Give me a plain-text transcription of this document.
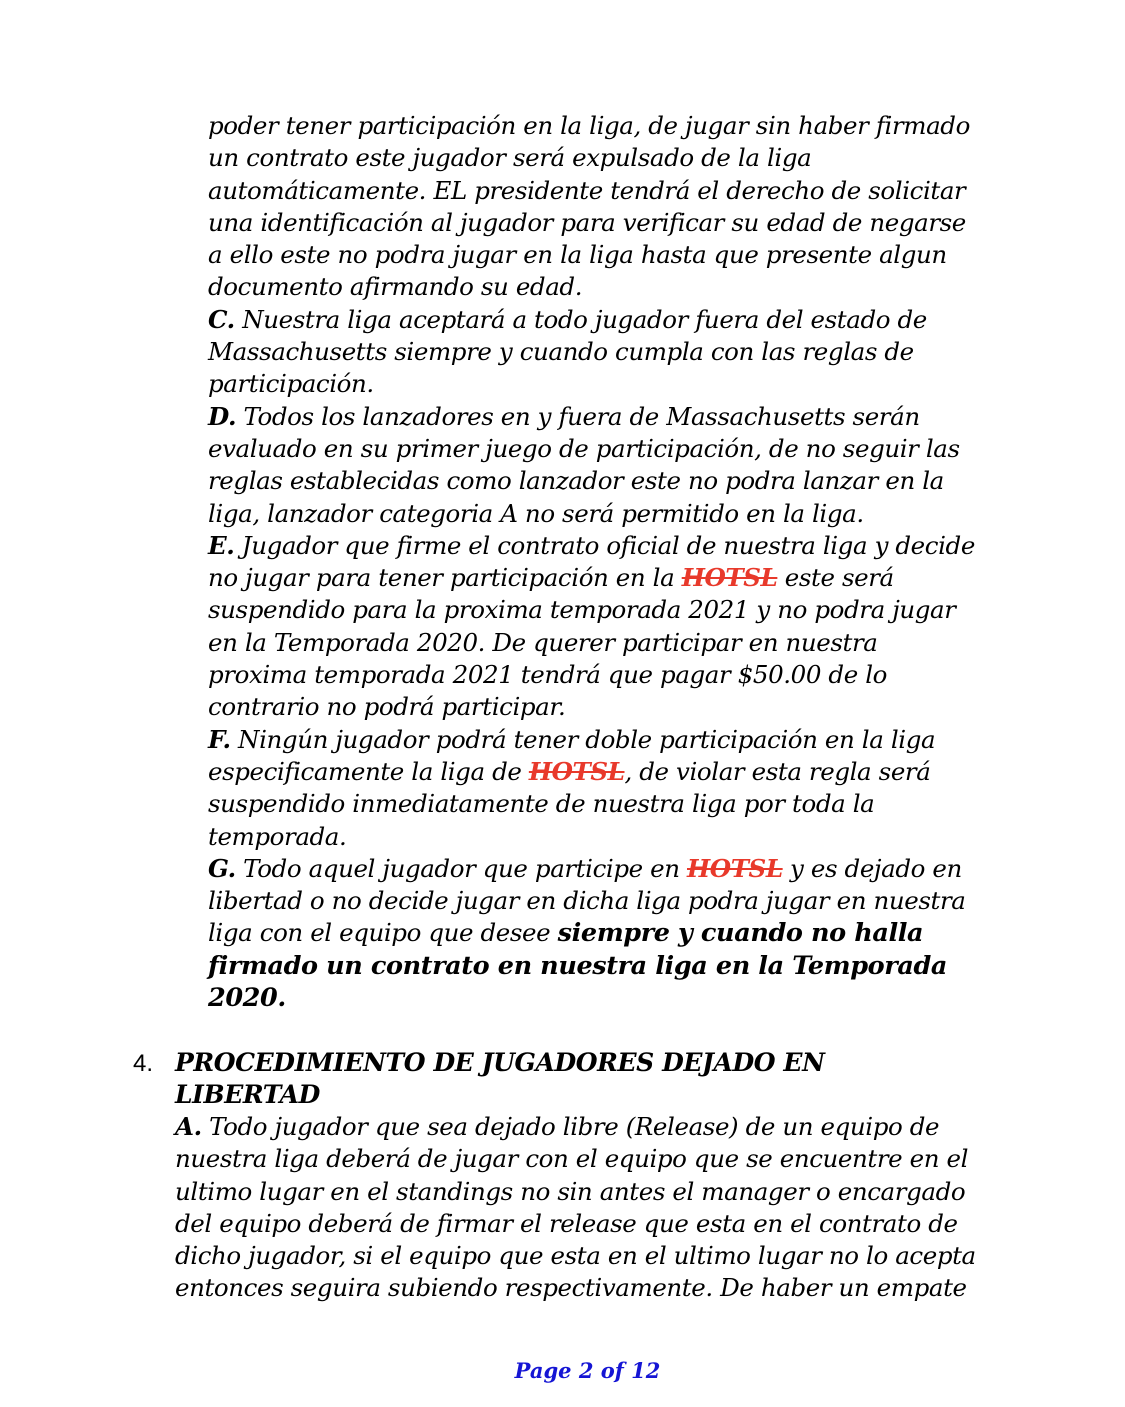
poder tener participación en la liga, de jugar sin haber firmado
un contrato este jugador será expulsado de la liga
automáticamente. EL presidente tendrá el derecho de solicitar
una identificación al jugador para verificar su edad de negarse
a ello este no podra jugar en la liga hasta que presente algun
documento afirmando su edad.
C. Nuestra liga aceptará a todo jugador fuera del estado de
Massachusetts siempre y cuando cumpla con las reglas de
participación.
D. Todos los lanzadores en y fuera de Massachusetts serán
evaluado en su primer juego de participación, de no seguir las
reglas establecidas como lanzador este no podra lanzar en la
liga, lanzador categoria A no será permitido en la liga.
E. Jugador que firme el contrato oficial de nuestra liga y decide
no jugar para tener participación en la HOTSL este será
suspendido para la proxima temporada 2021 y no podra jugar
en la Temporada 2020. De querer participar en nuestra
proxima temporada 2021 tendrá que pagar $50.00 de lo
contrario no podrá participar.
F. Ningún jugador podrá tener doble participación en la liga
especificamente la liga de HOTSL, de violar esta regla será
suspendido inmediatamente de nuestra liga por toda la
temporada.
G. Todo aquel jugador que participe en HOTSL y es dejado en
libertad o no decide jugar en dicha liga podra jugar en nuestra
liga con el equipo que desee siempre y cuando no halla
firmado un contrato en nuestra liga en la Temporada
2020.
4. PROCEDIMIENTO DE JUGADORES DEJADO EN
LIBERTAD
A. Todo jugador que sea dejado libre (Release) de un equipo de
nuestra liga deberá de jugar con el equipo que se encuentre en el
ultimo lugar en el standings no sin antes el manager o encargado
del equipo deberá de firmar el release que esta en el contrato de
dicho jugador, si el equipo que esta en el ultimo lugar no lo acepta
entonces seguira subiendo respectivamente. De haber un empate
Page 2 of 12
